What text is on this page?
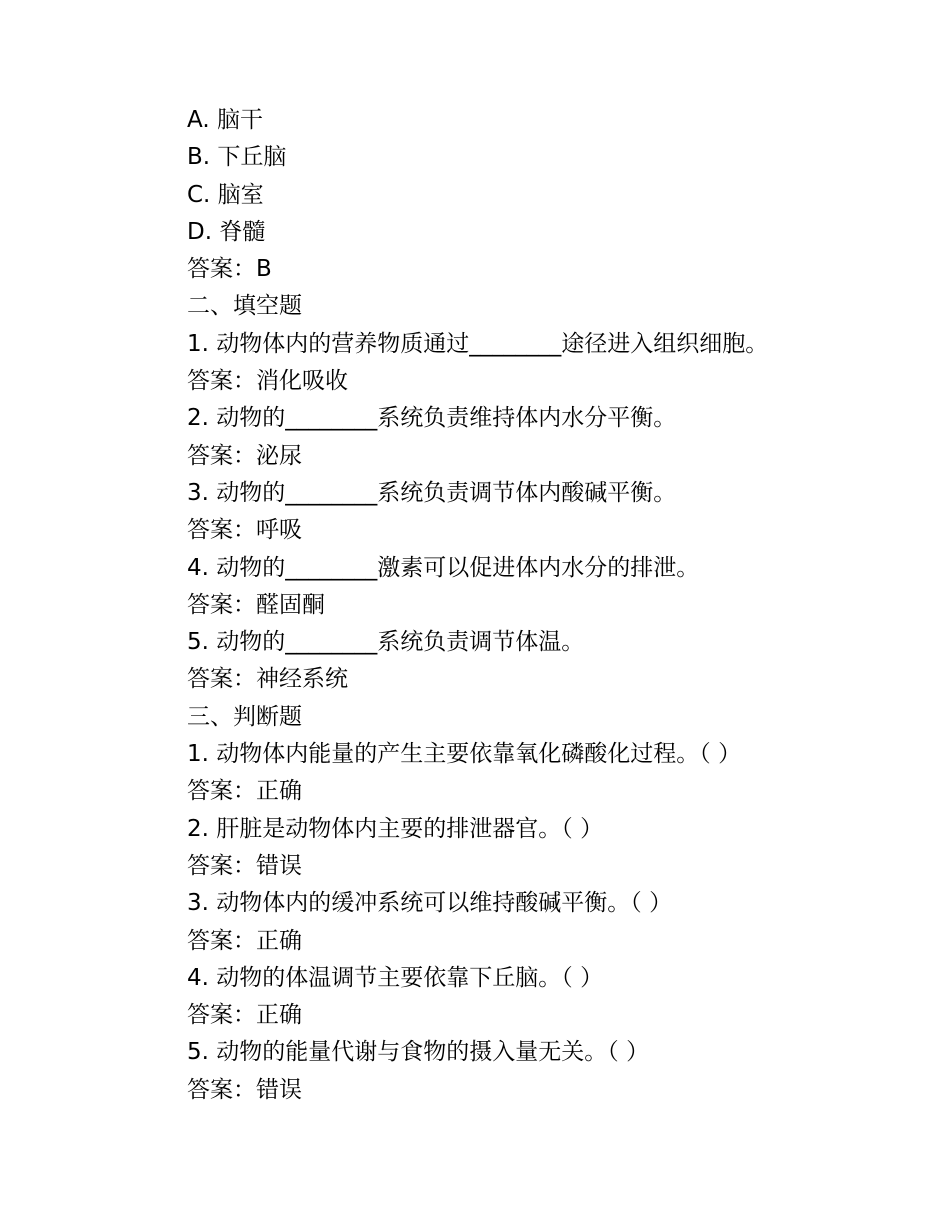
A. 脑干
B. 下丘脑
C. 脑室
D. 脊髓
答案：B
二、填空题
1. 动物体内的营养物质通过________途径进入组织细胞。
答案：消化吸收
2. 动物的________系统负责维持体内水分平衡。
答案：泌尿
3. 动物的________系统负责调节体内酸碱平衡。
答案：呼吸
4. 动物的________激素可以促进体内水分的排泄。
答案：醛固酮
5. 动物的________系统负责调节体温。
答案：神经系统
三、判断题
1. 动物体内能量的产生主要依靠氧化磷酸化过程。（ ）
答案：正确
2. 肝脏是动物体内主要的排泄器官。（ ）
答案：错误
3. 动物体内的缓冲系统可以维持酸碱平衡。（ ）
答案：正确
4. 动物的体温调节主要依靠下丘脑。（ ）
答案：正确
5. 动物的能量代谢与食物的摄入量无关。（ ）
答案：错误
